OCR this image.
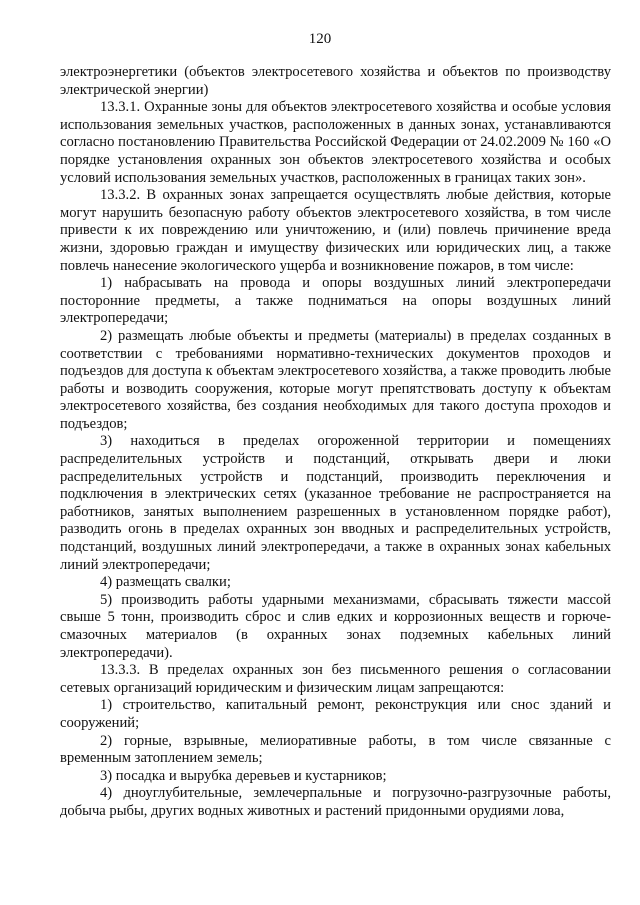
120

электроэнергетики (объектов электросетевого хозяйства и объектов по производству электрической энергии)

13.3.1. Охранные зоны для объектов электросетевого хозяйства и особые условия использования земельных участков, расположенных в данных зонах, устанавливаются согласно постановлению Правительства Российской Федерации от 24.02.2009 № 160 «О порядке установления охранных зон объектов электросетевого хозяйства и особых условий использования земельных участков, расположенных в границах таких зон».

13.3.2. В охранных зонах запрещается осуществлять любые действия, которые могут нарушить безопасную работу объектов электросетевого хозяйства, в том числе привести к их повреждению или уничтожению, и (или) повлечь причинение вреда жизни, здоровью граждан и имуществу физических или юридических лиц, а также повлечь нанесение экологического ущерба и возникновение пожаров, в том числе:

1) набрасывать на провода и опоры воздушных линий электропередачи посторонние предметы, а также подниматься на опоры воздушных линий электропередачи;

2) размещать любые объекты и предметы (материалы) в пределах созданных в соответствии с требованиями нормативно-технических документов проходов и подъездов для доступа к объектам электросетевого хозяйства, а также проводить любые работы и возводить сооружения, которые могут препятствовать доступу к объектам электросетевого хозяйства, без создания необходимых для такого доступа проходов и подъездов;

3) находиться в пределах огороженной территории и помещениях распределительных устройств и подстанций, открывать двери и люки распределительных устройств и подстанций, производить переключения и подключения в электрических сетях (указанное требование не распространяется на работников, занятых выполнением разрешенных в установленном порядке работ), разводить огонь в пределах охранных зон вводных и распределительных устройств, подстанций, воздушных линий электропередачи, а также в охранных зонах кабельных линий электропередачи;

4) размещать свалки;

5) производить работы ударными механизмами, сбрасывать тяжести массой свыше 5 тонн, производить сброс и слив едких и коррозионных веществ и горюче-смазочных материалов (в охранных зонах подземных кабельных линий электропередачи).

13.3.3. В пределах охранных зон без письменного решения о согласовании сетевых организаций юридическим и физическим лицам запрещаются:

1) строительство, капитальный ремонт, реконструкция или снос зданий и сооружений;

2) горные, взрывные, мелиоративные работы, в том числе связанные с временным затоплением земель;

3) посадка и вырубка деревьев и кустарников;

4) дноуглубительные, землечерпальные и погрузочно-разгрузочные работы, добыча рыбы, других водных животных и растений придонными орудиями лова,
